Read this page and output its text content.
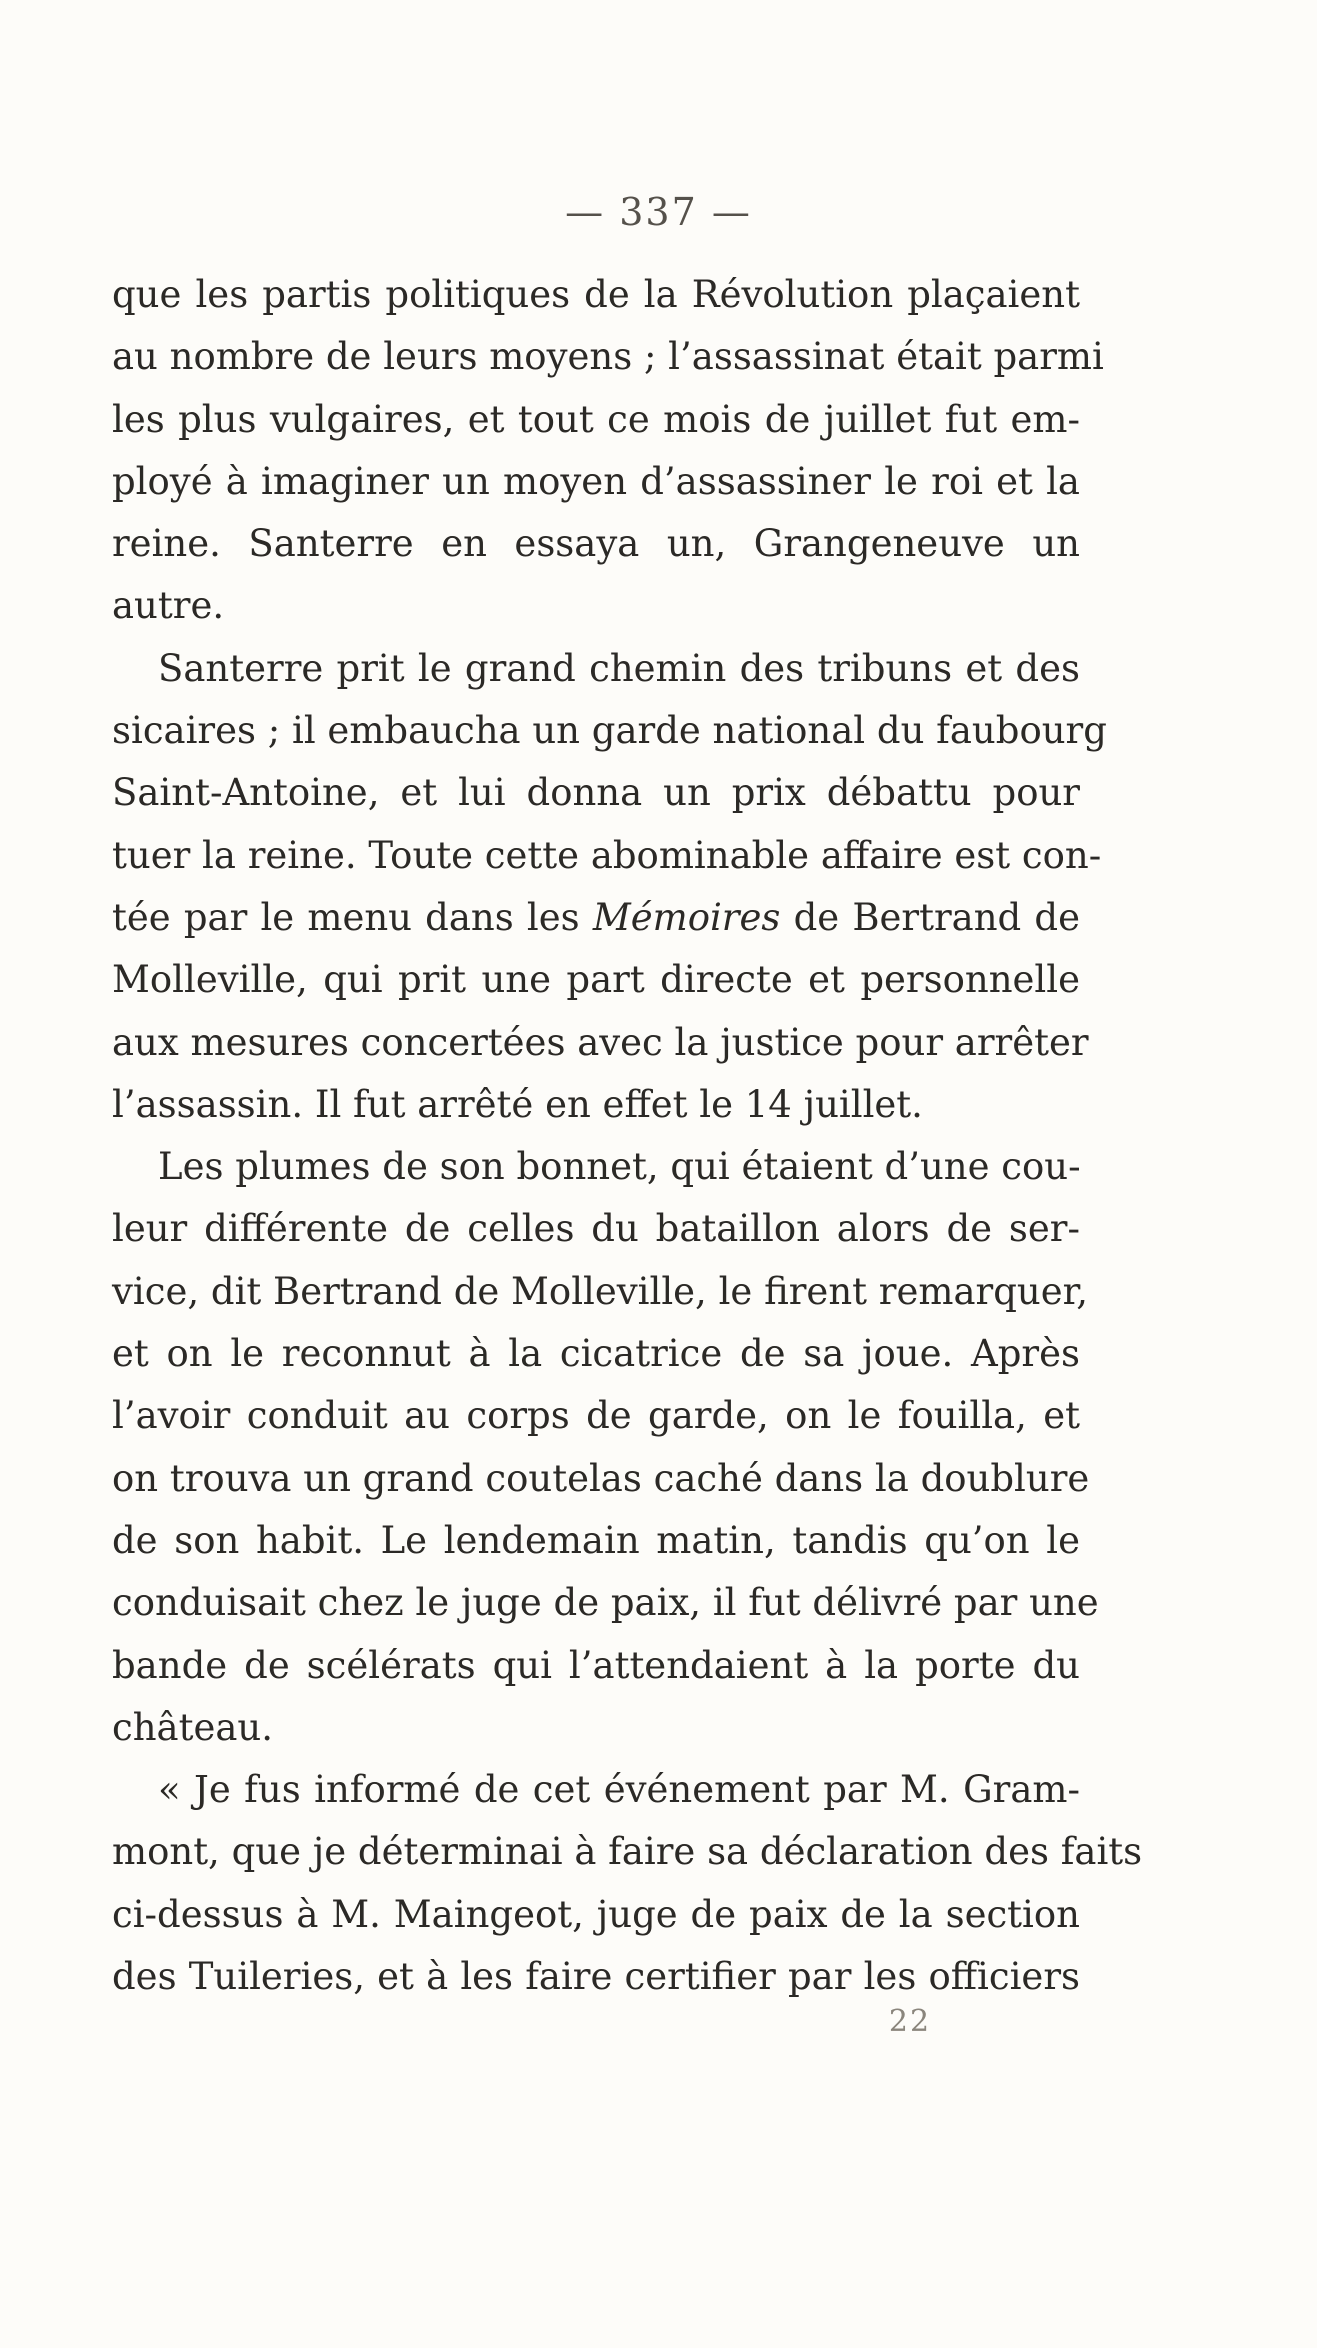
— 337 —
que les partis politiques de la Révolution plaçaient
au nombre de leurs moyens ; l’assassinat était parmi
les plus vulgaires, et tout ce mois de juillet fut em-
ployé à imaginer un moyen d’assassiner le roi et la
reine. Santerre en essaya un, Grangeneuve un
autre.
Santerre prit le grand chemin des tribuns et des
sicaires ; il embaucha un garde national du faubourg
Saint-Antoine, et lui donna un prix débattu pour
tuer la reine. Toute cette abominable affaire est con-
tée par le menu dans les Mémoires de Bertrand de
Molleville, qui prit une part directe et personnelle
aux mesures concertées avec la justice pour arrêter
l’assassin. Il fut arrêté en effet le 14 juillet.
Les plumes de son bonnet, qui étaient d’une cou-
leur différente de celles du bataillon alors de ser-
vice, dit Bertrand de Molleville, le firent remarquer,
et on le reconnut à la cicatrice de sa joue. Après
l’avoir conduit au corps de garde, on le fouilla, et
on trouva un grand coutelas caché dans la doublure
de son habit. Le lendemain matin, tandis qu’on le
conduisait chez le juge de paix, il fut délivré par une
bande de scélérats qui l’attendaient à la porte du
château.
« Je fus informé de cet événement par M. Gram-
mont, que je déterminai à faire sa déclaration des faits
ci-dessus à M. Maingeot, juge de paix de la section
des Tuileries, et à les faire certifier par les officiers
22
